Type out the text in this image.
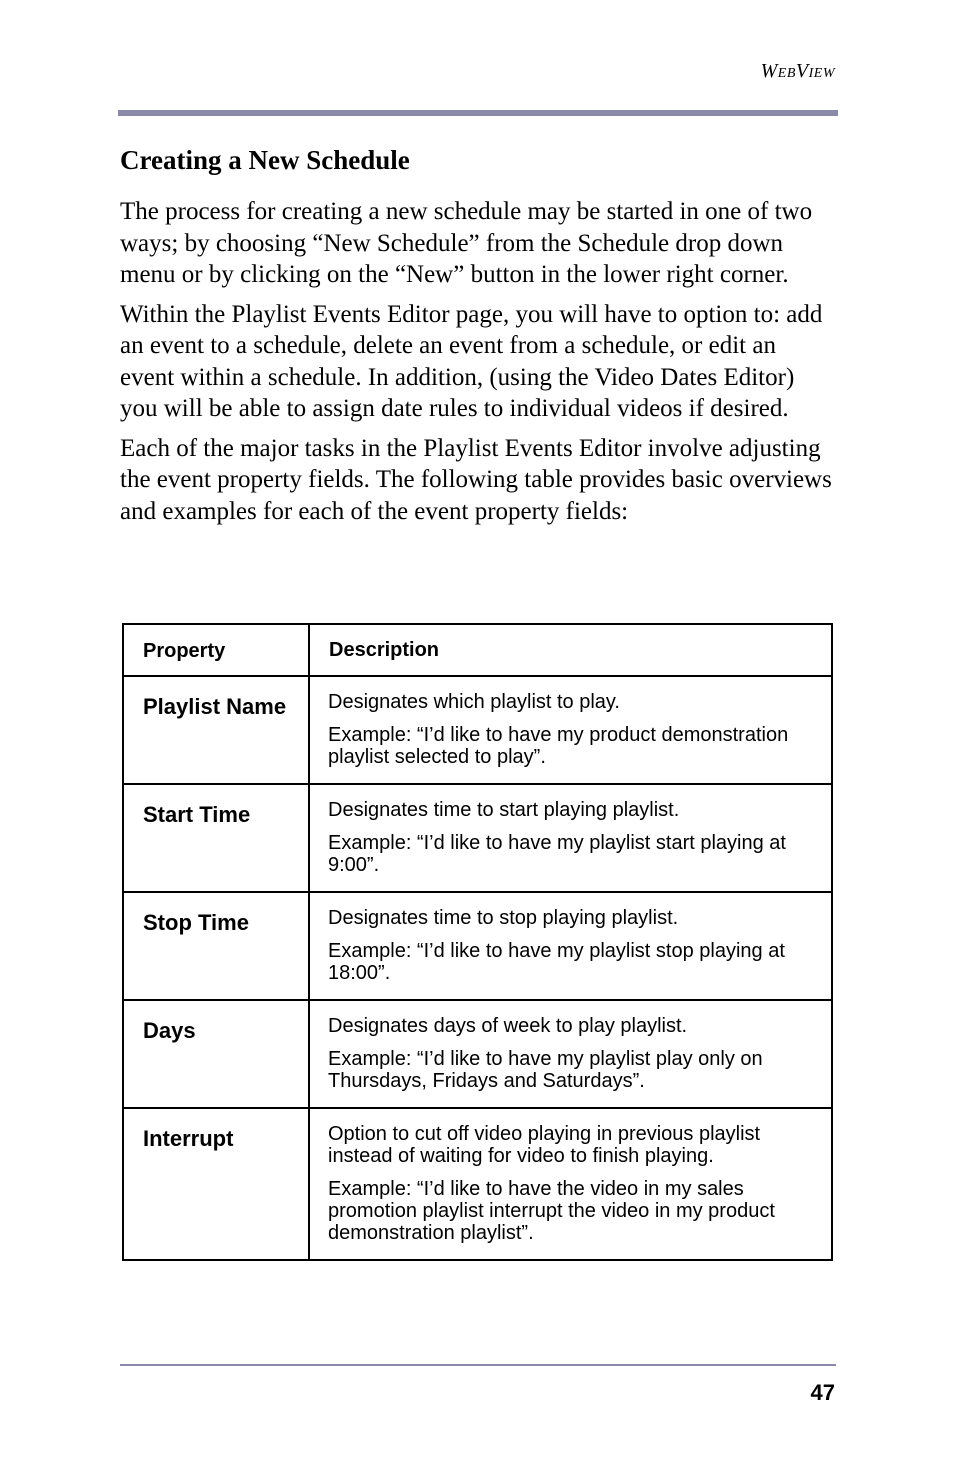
WebView
Creating a New Schedule

The process for creating a new schedule may be started in one of two ways; by choosing “New Schedule” from the Schedule drop down menu or by clicking on the “New” button in the lower right corner.

Within the Playlist Events Editor page, you will have to option to: add an event to a schedule, delete an event from a schedule, or edit an event within a schedule. In addition, (using the Video Dates Editor) you will be able to assign date rules to individual videos if desired.

Each of the major tasks in the Playlist Events Editor involve adjusting the event property fields. The following table provides basic overviews and examples for each of the event property fields:

Property	Description
Playlist Name	Designates which playlist to play.
Example: “I’d like to have my product demonstration playlist selected to play”.

Start Time	Designates time to start playing playlist.
Example: “I’d like to have my playlist start playing at 9:00”.

Stop Time	Designates time to stop playing playlist.
Example: “I’d like to have my playlist stop playing at 18:00”.

Days	Designates days of week to play playlist.
Example: “I’d like to have my playlist play only on Thursdays, Fridays and Saturdays”.

Interrupt	Option to cut off video playing in previous playlist instead of waiting for video to finish playing.
Example: “I’d like to have the video in my sales promotion playlist interrupt the video in my product demonstration playlist”.
47
